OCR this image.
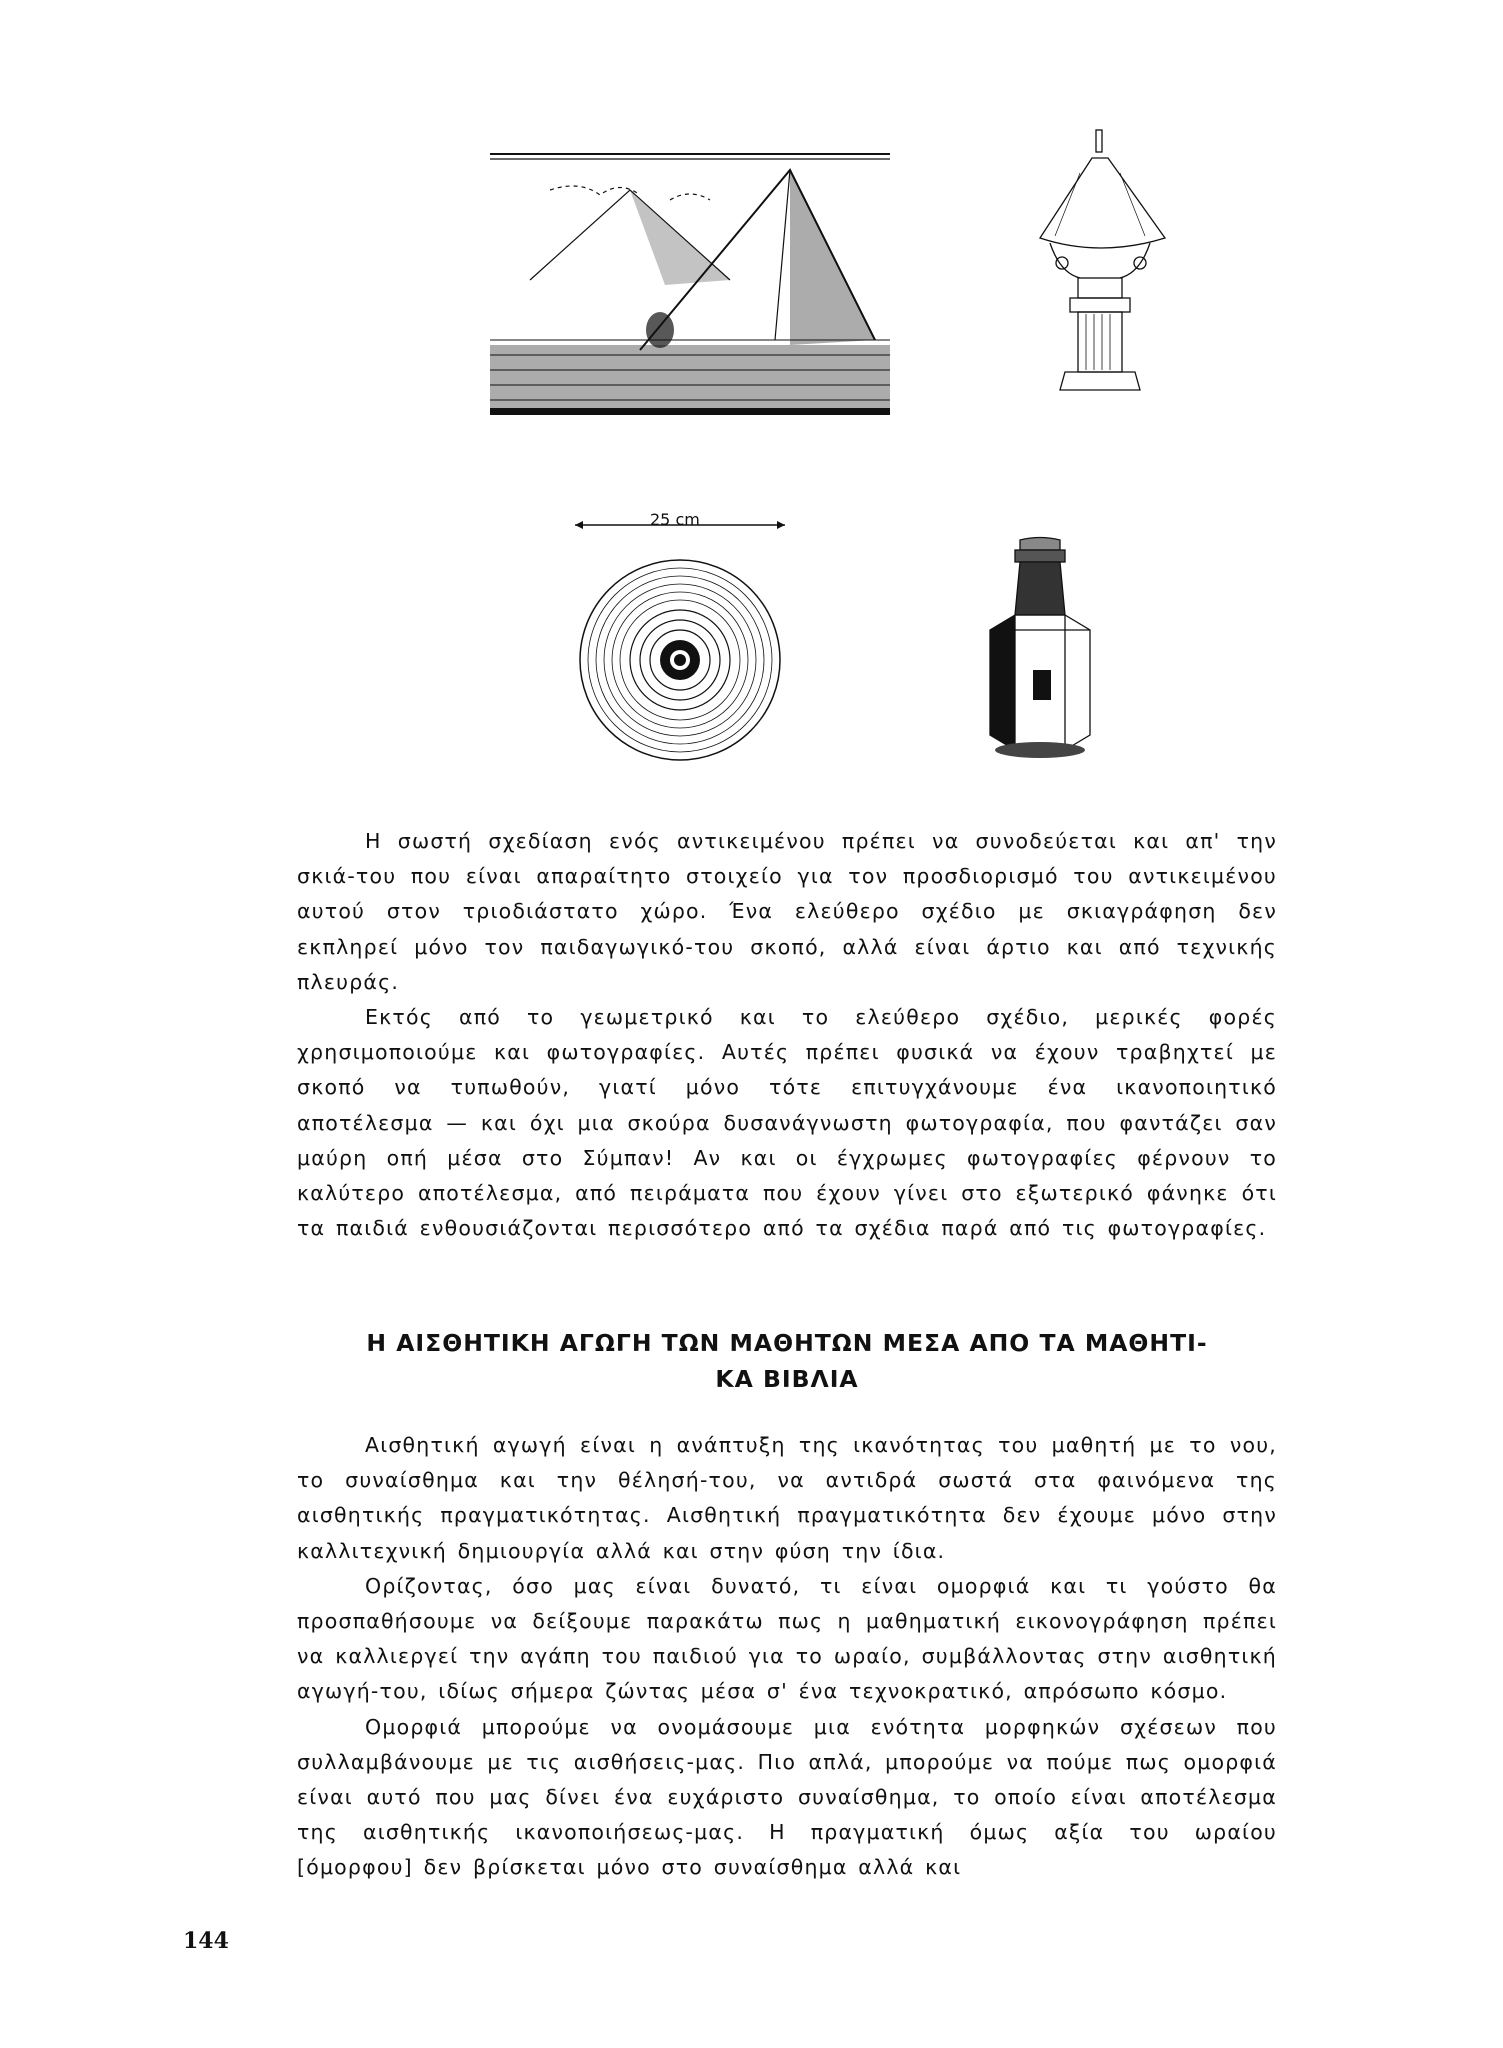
25 cm

Η σωστή σχεδίαση ενός αντικειμένου πρέπει να συνοδεύεται και απ' την σκιά-του που είναι απαραίτητο στοιχείο για τον προσδιορισμό του αντικειμένου αυτού στον τριοδιάστατο χώρο. Ένα ελεύθερο σχέδιο με σκιαγράφηση δεν εκπληρεί μόνο τον παιδαγωγικό-του σκοπό, αλλά είναι άρτιο και από τεχνικής πλευράς.

Εκτός από το γεωμετρικό και το ελεύθερο σχέδιο, μερικές φορές χρησιμοποιούμε και φωτογραφίες. Αυτές πρέπει φυσικά να έχουν τραβηχτεί με σκοπό να τυπωθούν, γιατί μόνο τότε επιτυγχάνουμε ένα ικανοποιητικό αποτέλεσμα — και όχι μια σκούρα δυσανάγνωστη φωτογραφία, που φαντάζει σαν μαύρη οπή μέσα στο Σύμπαν! Αν και οι έγχρωμες φωτογραφίες φέρνουν το καλύτερο αποτέλεσμα, από πειράματα που έχουν γίνει στο εξωτερικό φάνηκε ότι τα παιδιά ενθουσιάζονται περισσότερο από τα σχέδια παρά από τις φωτογραφίες.

Η ΑΙΣΘΗΤΙΚΗ ΑΓΩΓΗ ΤΩΝ ΜΑΘΗΤΩΝ ΜΕΣΑ ΑΠΟ ΤΑ ΜΑΘΗΤΙ-
ΚΑ ΒΙΒΛΙΑ

Αισθητική αγωγή είναι η ανάπτυξη της ικανότητας του μαθητή με το νου, το συναίσθημα και την θέλησή-του, να αντιδρά σωστά στα φαινόμενα της αισθητικής πραγματικότητας. Αισθητική πραγματικότητα δεν έχουμε μόνο στην καλλιτεχνική δημιουργία αλλά και στην φύση την ίδια.

Ορίζοντας, όσο μας είναι δυνατό, τι είναι ομορφιά και τι γούστο θα προσπαθήσουμε να δείξουμε παρακάτω πως η μαθηματική εικονογράφηση πρέπει να καλλιεργεί την αγάπη του παιδιού για το ωραίο, συμβάλλοντας στην αισθητική αγωγή-του, ιδίως σήμερα ζώντας μέσα σ' ένα τεχνοκρατικό, απρόσωπο κόσμο.

Ομορφιά μπορούμε να ονομάσουμε μια ενότητα μορφηκών σχέσεων που συλλαμβάνουμε με τις αισθήσεις-μας. Πιο απλά, μπορούμε να πούμε πως ομορφιά είναι αυτό που μας δίνει ένα ευχάριστο συναίσθημα, το οποίο είναι αποτέλεσμα της αισθητικής ικανοποιήσεως-μας. Η πραγματική όμως αξία του ωραίου [όμορφου] δεν βρίσκεται μόνο στο συναίσθημα αλλά και

144
